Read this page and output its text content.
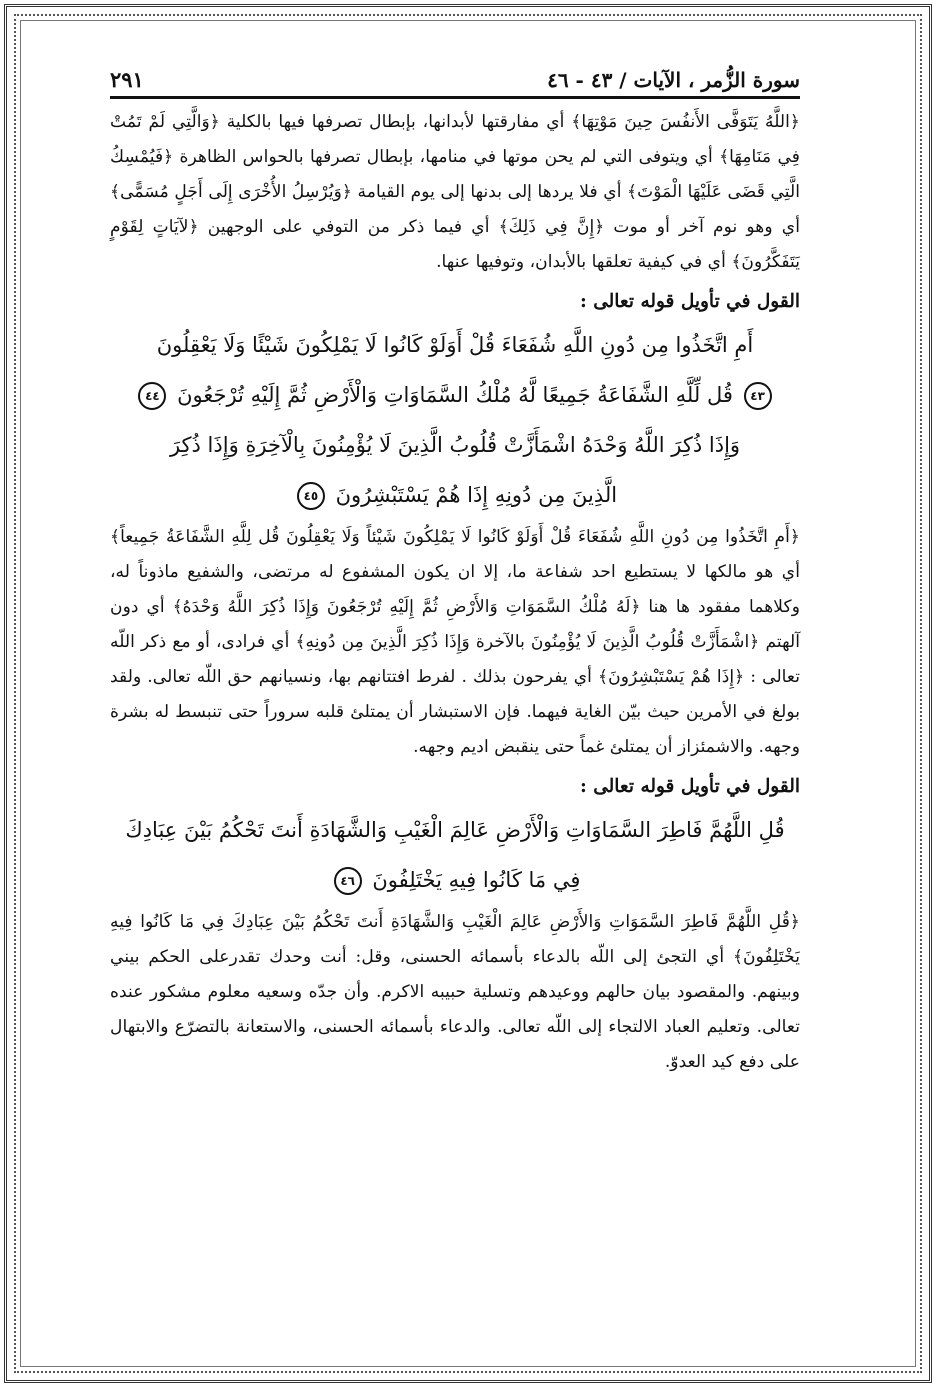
سورة الزُّمر ، الآيات / ٤٣ - ٤٦
٢٩١

﴿اللَّهُ يَتَوَفَّى الأَنفُسَ حِينَ مَوْتِهَا﴾ أي مفارقتها لأبدانها، بإبطال تصرفها فيها بالكلية ﴿وَالَّتِي لَمْ تَمُتْ فِي مَنَامِهَا﴾ أي ويتوفى التي لم يحن موتها في منامها، بإبطال تصرفها بالحواس الظاهرة ﴿فَيُمْسِكُ الَّتِي قَضَى عَلَيْهَا الْمَوْتَ﴾ أي فلا يردها إلى بدنها إلى يوم القيامة ﴿وَيُرْسِلُ الأُخْرَى إِلَى أَجَلٍ مُسَمًّى﴾ أي وهو نوم آخر أو موت ﴿إِنَّ فِي ذَلِكَ﴾ أي فيما ذكر من التوفي على الوجهين ﴿لآيَاتٍ لِقَوْمٍ يَتَفَكَّرُونَ﴾ أي في كيفية تعلقها بالأبدان، وتوفيها عنها.

القول في تأويل قوله تعالى :

أَمِ اتَّخَذُوا مِن دُونِ اللَّهِ شُفَعَاءَ قُلْ أَوَلَوْ كَانُوا لَا يَمْلِكُونَ شَيْئًا وَلَا يَعْقِلُونَ

٤٣ قُل لِّلَّهِ الشَّفَاعَةُ جَمِيعًا لَّهُ مُلْكُ السَّمَاوَاتِ وَالْأَرْضِ ثُمَّ إِلَيْهِ تُرْجَعُونَ ٤٤

وَإِذَا ذُكِرَ اللَّهُ وَحْدَهُ اشْمَأَزَّتْ قُلُوبُ الَّذِينَ لَا يُؤْمِنُونَ بِالْآخِرَةِ وَإِذَا ذُكِرَ

الَّذِينَ مِن دُونِهِ إِذَا هُمْ يَسْتَبْشِرُونَ ٤٥

﴿أَمِ اتَّخَذُوا مِن دُونِ اللَّهِ شُفَعَاءَ قُلْ أَوَلَوْ كَانُوا لَا يَمْلِكُونَ شَيْئاً وَلَا يَعْقِلُونَ قُل لِلَّهِ الشَّفَاعَةُ جَمِيعاً﴾ أي هو مالكها لا يستطيع احد شفاعة ما، إلا ان يكون المشفوع له مرتضى، والشفيع ماذوناً له، وكلاهما مفقود ها هنا ﴿لَهُ مُلْكُ السَّمَوَاتِ وَالأَرْضِ ثُمَّ إِلَيْهِ تُرْجَعُونَ وَإِذَا ذُكِرَ اللَّهُ وَحْدَهُ﴾ أي دون آلهتم ﴿اشْمَأَزَّتْ قُلُوبُ الَّذِينَ لَا يُؤْمِنُونَ بالآخرة وَإِذَا ذُكِرَ الَّذِينَ مِن دُونِهِ﴾ أي فرادى، أو مع ذكر اللّه تعالى : ﴿إِذَا هُمْ يَسْتَبْشِرُونَ﴾ أي يفرحون بذلك . لفرط افتتانهم بها، ونسيانهم حق اللّه تعالى. ولقد بولغ في الأمرين حيث بيّن الغاية فيهما. فإن الاستبشار أن يمتلئ قلبه سروراً حتى تنبسط له بشرة وجهه. والاشمئزاز أن يمتلئ غماً حتى ينقبض اديم وجهه.

القول في تأويل قوله تعالى :

قُلِ اللَّهُمَّ فَاطِرَ السَّمَاوَاتِ وَالْأَرْضِ عَالِمَ الْغَيْبِ وَالشَّهَادَةِ أَنتَ تَحْكُمُ بَيْنَ عِبَادِكَ

فِي مَا كَانُوا فِيهِ يَخْتَلِفُونَ ٤٦

﴿قُلِ اللَّهُمَّ فَاطِرَ السَّمَوَاتِ وَالأَرْضِ عَالِمَ الْغَيْبِ وَالشَّهَادَةِ أَنتَ تَحْكُمُ بَيْنَ عِبَادِكَ فِي مَا كَانُوا فِيهِ يَخْتَلِفُونَ﴾ أي التجئ إلى اللّه بالدعاء بأسمائه الحسنى، وقل: أنت وحدك تقدرعلى الحكم بيني وبينهم. والمقصود بيان حالهم ووعيدهم وتسلية حبيبه الاكرم. وأن جدّه وسعيه معلوم مشكور عنده تعالى. وتعليم العباد الالتجاء إلى اللّه تعالى. والدعاء بأسمائه الحسنى، والاستعانة بالتضرّع والابتهال على دفع كيد العدوّ.
